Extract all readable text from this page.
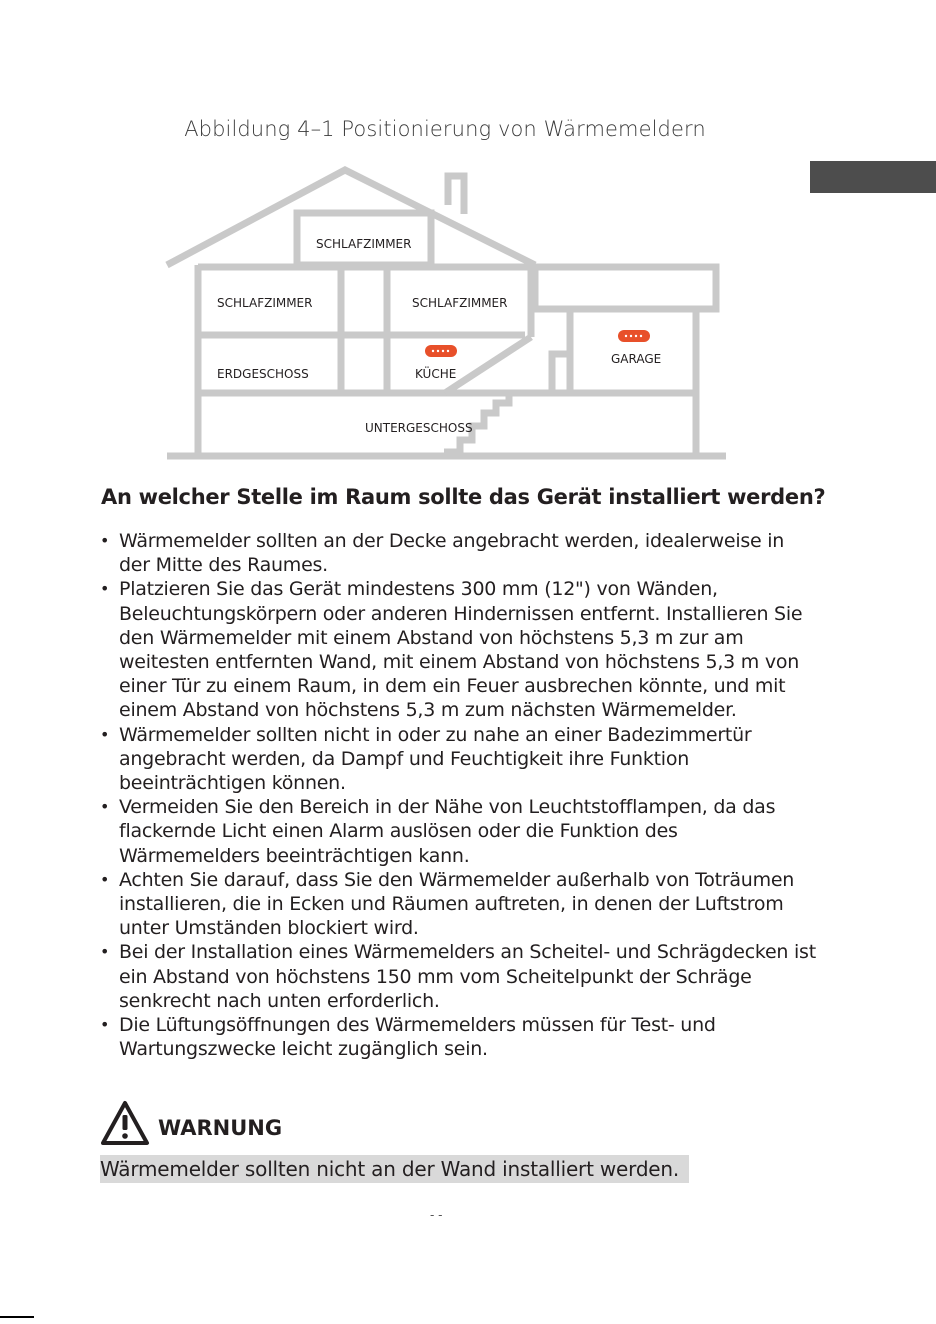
Abbildung 4–1 Positionierung von Wärmemeldern
SCHLAFZIMMER
SCHLAFZIMMER	SCHLAFZIMMER
ERDGESCHOSS	KÜCHE
GARAGE
UNTERGESCHOSS
An welcher Stelle im Raum sollte das Gerät installiert werden?
• Wärmemelder sollten an der Decke angebracht werden, idealerweise in der Mitte des Raumes.
• Platzieren Sie das Gerät mindestens 300 mm (12") von Wänden, Beleuchtungskörpern oder anderen Hindernissen entfernt. Installieren Sie den Wärmemelder mit einem Abstand von höchstens 5,3 m zur am weitesten entfernten Wand, mit einem Abstand von höchstens 5,3 m von einer Tür zu einem Raum, in dem ein Feuer ausbrechen könnte, und mit einem Abstand von höchstens 5,3 m zum nächsten Wärmemelder.
• Wärmemelder sollten nicht in oder zu nahe an einer Badezimmertür angebracht werden, da Dampf und Feuchtigkeit ihre Funktion beeinträchtigen können.
• Vermeiden Sie den Bereich in der Nähe von Leuchtstofflampen, da das flackernde Licht einen Alarm auslösen oder die Funktion des Wärmemelders beeinträchtigen kann.
• Achten Sie darauf, dass Sie den Wärmemelder außerhalb von Toträumen installieren, die in Ecken und Räumen auftreten, in denen der Luftstrom unter Umständen blockiert wird.
• Bei der Installation eines Wärmemelders an Scheitel- und Schrägdecken ist ein Abstand von höchstens 150 mm vom Scheitelpunkt der Schräge senkrecht nach unten erforderlich.
• Die Lüftungsöffnungen des Wärmemelders müssen für Test- und Wartungszwecke leicht zugänglich sein.
WARNUNG
Wärmemelder sollten nicht an der Wand installiert werden.
- -
